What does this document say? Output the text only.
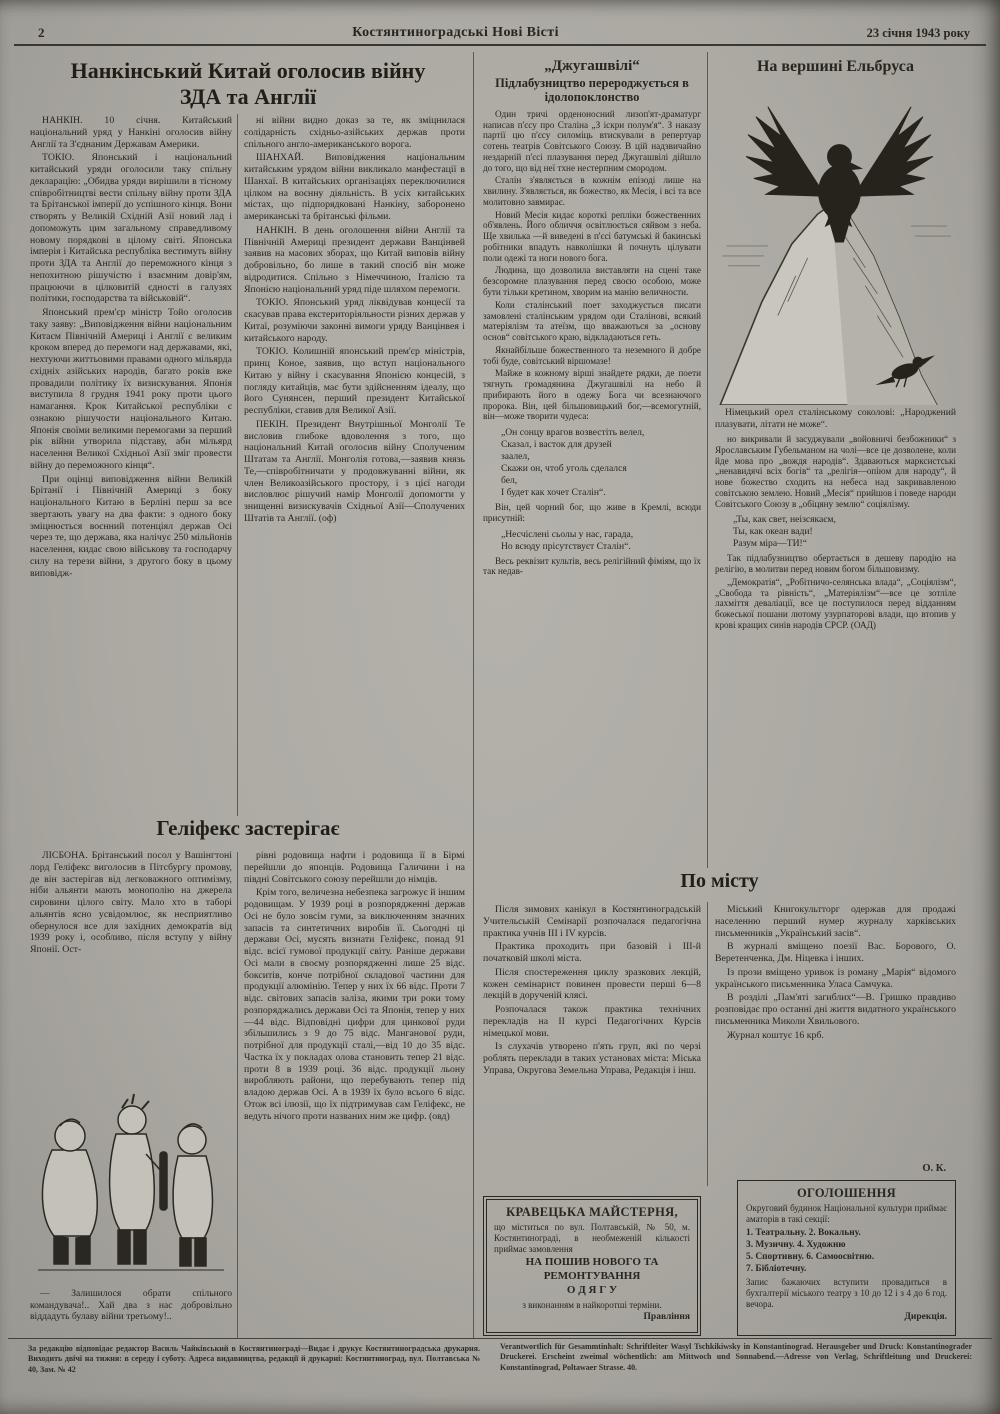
2	Костянтиноградські Нові Вісті	23 січня 1943 року
Нанкінський Китай оголосив війну
ЗДА та Англії

НАНКІН. 10 січня. Китайський національний уряд у Нанкіні оголосив війну Англії та З'єднаним Державам Америки.

ТОКІО. Японський і національний китайський уряди оголосили таку спільну декларацію: „Обидва уряди вирішили в тісному співробітництві вести спільну війну проти ЗДА та Брітанської імперії до успішного кінця. Вони створять у Великій Східній Азії новий лад і допоможуть цим загальному справедливому новому порядкові в цілому світі. Японська імперія і Китайська республіка вестимуть війну проти ЗДА та Англії до переможного кінця з непохитною рішучістю і взаємним довір'ям, працюючи в цілковитій єдності в галузях політики, господарства та військовій“.

Японський прем'єр міністр Тойо оголосив таку заяву: „Виповідження війни національним Китаєм Північній Америці і Англії є великим кроком вперед до перемоги над державами, які, нехтуючи життьовими правами одного мільярда східніх азійських народів, багато років вже провадили політику їх визискування. Японія виступила 8 грудня 1941 року проти цього намагання. Крок Китайської республіки є ознакою рішучости національного Китаю. Японія своїми великими перемогами за перший рік війни утворила підставу, аби мільярд населення Великої Східньої Азії зміг провести війну до переможного кінця“.

При оцінці виповідження війни Великій Брітанії і Північній Америці з боку національного Китаю в Берліні перш за все звертають увагу на два факти: з одного боку зміцнюється воєнний потенціял держав Осі через те, що держава, яка налічує 250 мільйонів населення, кидає свою військову та господарчу силу на терези війни, з другого боку в цьому виповідж-

ні війни видно доказ за те, як зміцнилася солідарність східньо-азійських держав проти спільного англо-американського ворога.

ШАНХАЙ. Виповідження національним китайським урядом війни викликало манфестації в Шанхаї. В китайських організаціях переключилися цілком на воєнну діяльність. В усіх китайських містах, що підпорядковані Нанкіну, заборонено американські та брітанські фільми.

НАНКІН. В день оголошення війни Англії та Північній Америці президент держави Ванцінвей заявив на масових зборах, що Китай виповів війну добровільно, бо лише в такий спосіб він може відродитися. Спільно з Німеччиною, Італією та Японією національний уряд піде шляхом перемоги.

ТОКІО. Японський уряд ліквідував концесії та скасував права екстериторіяльности різних держав у Китаї, розуміючи законні вимоги уряду Ванцінвея і китайського народу.

ТОКІО. Колишній японський прем'єр міністрів, принц Коное, заявив, що вступ національного Китаю у війну і скасування Японією концесій, з погляду китайців, має бути здійсненням ідеалу, що його Сунянсен, перший президент Китайської республіки, ставив для Великої Азії.

ПЕКІН. Президент Внутрішньої Монголії Те висловив глибоке вдоволення з того, що національний Китай оголосив війну Сполученим Штатам та Англії. Монголія готова,—заявив князь Те,—співробітничати у продовжуванні війни, як член Великоазійського простору, і з цієї нагоди висловлює рішучий намір Монголії допомогти у знищенні визискувачів Східньої Азії—Сполучених Штатів та Англії. (оф)

„Джугашвілі“
Підлабузництво перероджується в ідолопоклонство

Один тричі орденоносний лизоп'ят-драматург написав п'єсу про Сталіна „З іскри полум'я“. З наказу партії цю п'єсу силоміць втискували в репертуар сотень театрів Совітського Союзу. В цій надзвичайно нездарній п'єсі плазування перед Джугашвілі дійшло до того, що від неї тхне нестерпним смородом.

Сталін з'являється в кожнім епізоді лише на хвилину. З'являється, як божество, як Месія, і всі та все молитовно завмирає.

Новий Месія кидає короткі репліки божественних об'явлень. Його обличчя освітлюється сяйвом з неба. Ще хвилька —й виведені в п'єсі батумські й бакинські робітники впадуть навколішки й почнуть цілувати поли одежі та ноги нового бога.

Людина, що дозволила виставляти на сцені таке безсоромне плазування перед своєю особою, може бути тільки кретином, хворим на манію величности.

Коли сталінський поет заходжується писати замовлені сталінським урядом оди Сталінові, всякий матеріялізм та атеїзм, що вважаються за „основу основ“ совітського краю, відкладаються геть.

Якнайбільше божественного та неземного й добре тобі буде, совітський віршомазе!

Майже в кожному вірші знайдете рядки, де поети тягнуть громадянина Джугашвілі на небо й прибирають його в одежу Бога чи всезнаючого пророка. Він, цей більшовицький бог,—всемогутній, він—може творити чудеса:

„Он сонцу врагов возвестіть велел,
Сказал, і васток для друзей
заалел,
Скажи он, чтоб уголь сделался
бел,
І будет как хочет Сталін“.

Він, цей чорний бог, що живе в Кремлі, всюди присутній:

„Несчіслені сьолы у нас, гарада,
Но всюду прісутствуєт Сталін“.

Весь реквізит культів, весь релігійний фіміям, що їх так недав-

На вершині Ельбруса

Німецький орел сталінському соколові: „Народжений плазувати, літати не може“.

но викривали й засуджували „войовничі безбожники“ з Ярославським Губельманом на чолі—все це дозволене, коли йде мова про „вождя народів“. Здаваються марксистські „ненавидячі всіх богів“ та „релігія—опіюм для народу“, й нове божество сходить на небеса над закривавленою совітською землею. Новий „Месія“ прийшов і поведе народи Совітського Союзу в „обіцяну землю“ соціялізму.

„Ты, как свет, неізсякаєм,
Ты, как океан вади!
Разум міра—ТИ!“

Так підлабузництво обертається в дешеву пародію на релігію, в молитви перед новим богом більшовизму.

„Демократія“, „Робітничо-селянська влада“, „Соціялізм“, „Свобода та рівність“, „Матеріялізм“—все це зотліле лахміття деваліації, все це поступилося перед відданням божеської пошани лютому узурпаторові влади, що втопив у крові кращих синів народів СРСР. (ОАД)

Геліфекс застерігає

ЛІСБОНА. Брітанський посол у Вашінгтоні лорд Геліфекс виголосив в Пітсбургу промову, де він застерігав від легковажного оптимізму, ніби альянти мають монополію на джерела сировини цілого світу. Мало хто в таборі альянтів ясно усвідомлює, як несприятливо обернулося все для західних демократів від 1939 року і, особливо, після вступу у війну Японії. Ост-

— Залишилося обрати спільного командувача!.. Хай два з нас добровільно віддадуть булаву війни третьому!..

рівні родовища нафти і родовища її в Бірмі перейшли до японців. Родовища Галичини і на півдні Совітського союзу перейшли до німців.

Крім того, величезна небезпека загрожує й іншим родовищам. У 1939 році в розпорядженні держав Осі не було зовсім гуми, за виключенням значних запасів та синтетичних виробів її. Сьогодні ці держави Осі, мусять визнати Геліфекс, понад 91 відс. всієї гумової продукції світу. Раніше держави Осі мали в своєму розпорядженні лише 25 відс. бокситів, конче потрібної складової частини для продукції алюмінію. Тепер у них їх 66 відс. Проти 7 відс. світових запасів заліза, якими три роки тому розпоряджались держави Осі та Японія, тепер у них—44 відс. Відповідні цифри для цинкової руди збільшились з 9 до 75 відс. Манганової руди, потрібної для продукції сталі,—від 10 до 35 відс. Частка їх у покладах олова становить тепер 21 відс. проти 8 в 1939 році. 36 відс. продукції льону виробляють райони, що перебувають тепер під владою держав Осі. А в 1939 їх було всього 6 відс. Отож всі ілюзії, що їх підтримував сам Геліфекс, не ведуть нічого проти названих ним же цифр. (овд)

По місту

Після зимових канікул в Костянтиноградській Учительській Семінарії розпочалася педагогічна практика учнів III і IV курсів.

Практика проходить при базовій і III-й початковій школі міста.

Після спостереження циклу зразкових лекцій, кожен семінарист повинен провести перші 6—8 лекцій в дорученій клясі.

Розпочалася також практика технічних перекладів на II курсі Педагогічних Курсів німецької мови.

Із слухачів утворено п'ять груп, які по черзі роблять переклади в таких установах міста: Міська Управа, Округова Земельна Управа, Редакція і інш.

Міський Книгокультторг одержав для продажі населенню перший нумер журналу харківських письменників „Український засів“.

В журналі вміщено поезії Вас. Борового, О. Веретенченка, Дм. Ніцевка і інших.

Із прози вміщено уривок із роману „Марія“ відомого українського письменника Уласа Самчука.

В розділі „Пам'яті загиблих“—В. Гришко правдиво розповідає про останні дні життя видатного українського письменника Миколи Хвильового.

Журнал коштує 16 крб.

О. К.
КРАВЕЦЬКА МАЙСТЕРНЯ,
що міститься по вул. Полтавській, № 50, м. Костянтинограді, в необмеженій кількості приймає замовлення
НА ПОШИВ НОВОГО ТА
РЕМОНТУВАННЯ
О Д Я Г У
з виконанням в найкоротші терміни.
Правління
ОГОЛОШЕННЯ
Округовий будинок Національної культури приймає аматорів в такі секції:
1. Театральну. 2. Вокальну.
3. Музичну. 4. Художню
5. Спортивну. 6. Самоосвітню.
7. Бібліотечну.
Запис бажаючих вступити провадиться в бухгалтерії міського театру з 10 до 12 і з 4 до 6 год. вечора.
Дирекція.
За редакцію відповідає редактор Василь Чайківський в Костянтинограді—Видає і друкує Костянтиноградська друкарня. Виходить двічі на тижня: в середу і суботу. Адреса видавництва, редакції й друкарні: Костянтиноград, вул. Полтавська № 40, Зам. № 42
Verantwortlich für Gesammtinhalt: Schriftleiter Wasyl Tschkikiwsky in Konstantinograd. Herausgeber und Druck: Konstantinograder Druckerei. Erscheint zweimal wöchentlich: am Mittwoch und Sonnabend.—Adresse von Verlag, Schriftleitung und Druckerei: Konstantinograd, Poltawaer Strasse. 40.
